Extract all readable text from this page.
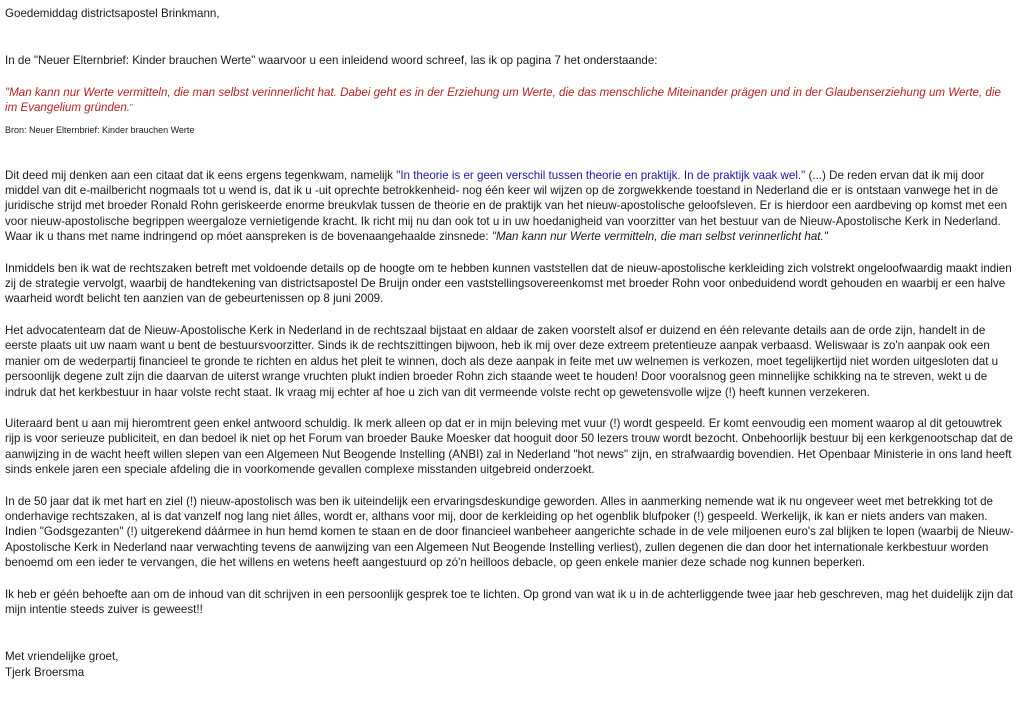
Goedemiddag districtsapostel Brinkmann,

In de "Neuer Elternbrief: Kinder brauchen Werte" waarvoor u een inleidend woord schreef, las ik op pagina 7 het onderstaande:

"Man kann nur Werte vermitteln, die man selbst verinnerlicht hat. Dabei geht es in der Erziehung um Werte, die das menschliche Miteinander prägen und in der Glaubenserziehung um Werte, die im Evangelium gründen."

Bron: Neuer Elternbrief: Kinder brauchen Werte

Dit deed mij denken aan een citaat dat ik eens ergens tegenkwam, namelijk "In theorie is er geen verschil tussen theorie en praktijk. In de praktijk vaak wel." (...) De reden ervan dat ik mij door middel van dit e-mailbericht nogmaals tot u wend is, dat ik u -uit oprechte betrokkenheid- nog één keer wil wijzen op de zorgwekkende toestand in Nederland die er is ontstaan vanwege het in de juridische strijd met broeder Ronald Rohn geriskeerde enorme breukvlak tussen de theorie en de praktijk van het nieuw-apostolische geloofsleven. Er is hierdoor een aardbeving op komst met een voor nieuw-apostolische begrippen weergaloze vernietigende kracht. Ik richt mij nu dan ook tot u in uw hoedanigheid van voorzitter van het bestuur van de Nieuw-Apostolische Kerk in Nederland. Waar ik u thans met name indringend op móet aanspreken is de bovenaangehaalde zinsnede: "Man kann nur Werte vermitteln, die man selbst verinnerlicht hat."

Inmiddels ben ik wat de rechtszaken betreft met voldoende details op de hoogte om te hebben kunnen vaststellen dat de nieuw-apostolische kerkleiding zich volstrekt ongeloofwaardig maakt indien zij de strategie vervolgt, waarbij de handtekening van districtsapostel De Bruijn onder een vaststellingsovereenkomst met broeder Rohn voor onbeduidend wordt gehouden en waarbij er een halve waarheid wordt belicht ten aanzien van de gebeurtenissen op 8 juni 2009.

Het advocatenteam dat de Nieuw-Apostolische Kerk in Nederland in de rechtszaal bijstaat en aldaar de zaken voorstelt alsof er duizend en één relevante details aan de orde zijn, handelt in de eerste plaats uit uw naam want u bent de bestuursvoorzitter. Sinds ik de rechtszittingen bijwoon, heb ik mij over deze extreem pretentieuze aanpak verbaasd. Weliswaar is zo'n aanpak ook een manier om de wederpartij financieel te gronde te richten en aldus het pleit te winnen, doch als deze aanpak in feite met uw welnemen is verkozen, moet tegelijkertijd niet worden uitgesloten dat u persoonlijk degene zult zijn die daarvan de uiterst wrange vruchten plukt indien broeder Rohn zich staande weet te houden! Door vooralsnog geen minnelijke schikking na te streven, wekt u de indruk dat het kerkbestuur in haar volste recht staat. Ik vraag mij echter af hoe u zich van dit vermeende volste recht op gewetensvolle wijze (!) heeft kunnen verzekeren.

Uiteraard bent u aan mij hieromtrent geen enkel antwoord schuldig. Ik merk alleen op dat er in mijn beleving met vuur (!) wordt gespeeld. Er komt eenvoudig een moment waarop al dit getouwtrek rijp is voor serieuze publiciteit, en dan bedoel ik niet op het Forum van broeder Bauke Moesker dat hooguit door 50 lezers trouw wordt bezocht. Onbehoorlijk bestuur bij een kerkgenootschap dat de aanwijzing in de wacht heeft willen slepen van een Algemeen Nut Beogende Instelling (ANBI) zal in Nederland "hot news" zijn, en strafwaardig bovendien. Het Openbaar Ministerie in ons land heeft sinds enkele jaren een speciale afdeling die in voorkomende gevallen complexe misstanden uitgebreid onderzoekt.

In de 50 jaar dat ik met hart en ziel (!) nieuw-apostolisch was ben ik uiteindelijk een ervaringsdeskundige geworden. Alles in aanmerking nemende wat ik nu ongeveer weet met betrekking tot de onderhavige rechtszaken, al is dat vanzelf nog lang niet álles, wordt er, althans voor mij, door de kerkleiding op het ogenblik blufpoker (!) gespeeld. Werkelijk, ik kan er niets anders van maken. Indien "Godsgezanten" (!) uitgerekend dáármee in hun hemd komen te staan en de door financieel wanbeheer aangerichte schade in de vele miljoenen euro's zal blijken te lopen (waarbij de Nieuw-Apostolische Kerk in Nederland naar verwachting tevens de aanwijzing van een Algemeen Nut Beogende Instelling verliest), zullen degenen die dan door het internationale kerkbestuur worden benoemd om een ieder te vervangen, die het willens en wetens heeft aangestuurd op zó'n heilloos debacle, op geen enkele manier deze schade nog kunnen beperken.

Ik heb er géén behoefte aan om de inhoud van dit schrijven in een persoonlijk gesprek toe te lichten. Op grond van wat ik u in de achterliggende twee jaar heb geschreven, mag het duidelijk zijn dat mijn intentie steeds zuiver is geweest!!

Met vriendelijke groet,

Tjerk Broersma
